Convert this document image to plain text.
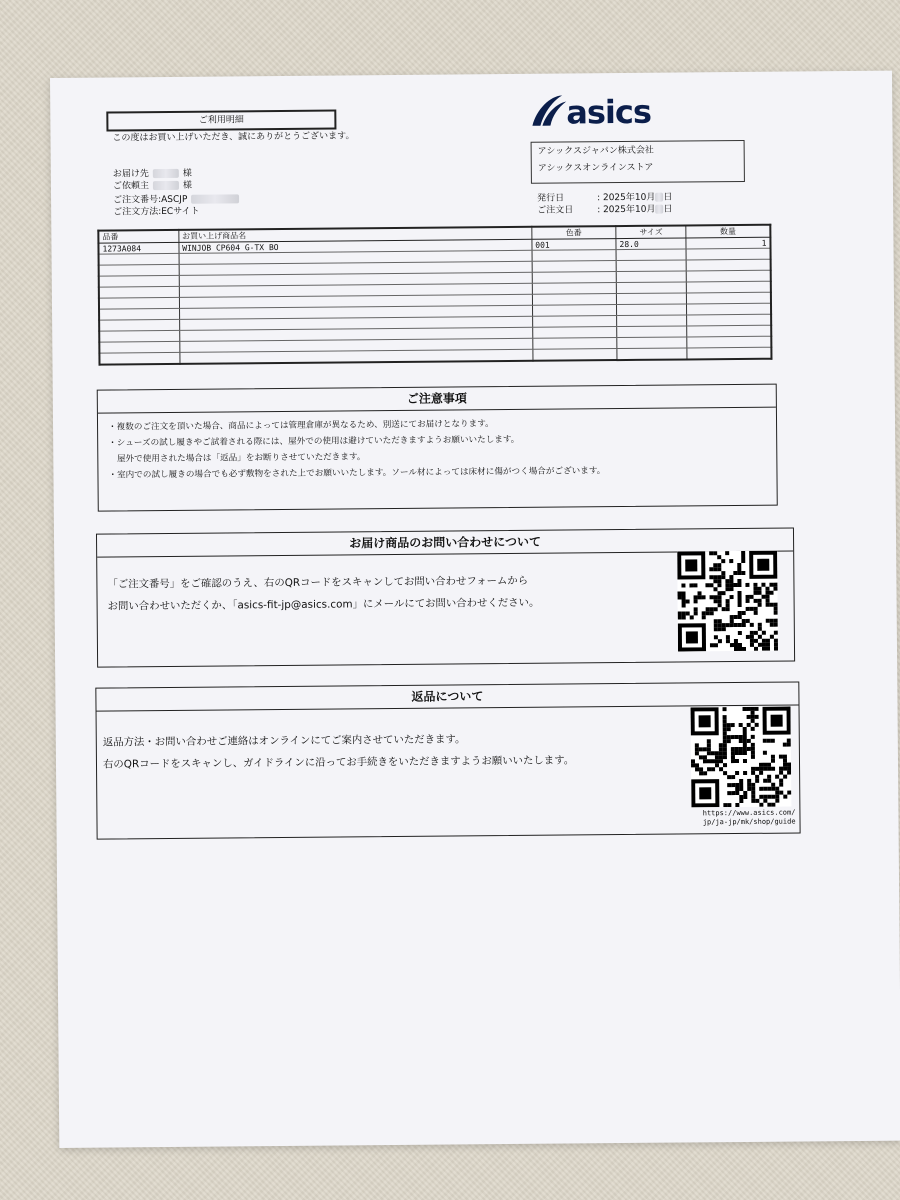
ご利用明細
この度はお買い上げいただき、誠にありがとうございます。
お届け先	様
ご依頼主	様
ご注文番号:ASCJP
ご注文方法:ECサイト
asics
アシックスジャパン株式会社
アシックスオンラインストア
発行日	: 2025年10月 日
ご注文日	: 2025年10月 日
品番	お買い上げ商品名	色番	サイズ	数量
1273A084	WINJOB CP604 G-TX BO	001	28.0	1

ご注意事項
・複数のご注文を頂いた場合、商品によっては管理倉庫が異なるため、別送にてお届けとなります。
・シューズの試し履きやご試着される際には、屋外での使用は避けていただきますようお願いいたします。
　屋外で使用された場合は「返品」をお断りさせていただきます。
・室内での試し履きの場合でも必ず敷物をされた上でお願いいたします。ソール材によっては床材に傷がつく場合がございます。
お届け商品のお問い合わせについて
「ご注文番号」をご確認のうえ、右のQRコードをスキャンしてお問い合わせフォームから
お問い合わせいただくか、「asics-fit-jp@asics.com」にメールにてお問い合わせください。
返品について
返品方法・お問い合わせご連絡はオンラインにてご案内させていただきます。
右のQRコードをスキャンし、ガイドラインに沿ってお手続きをいただきますようお願いいたします。
https://www.asics.com/
jp/ja-jp/mk/shop/guide
